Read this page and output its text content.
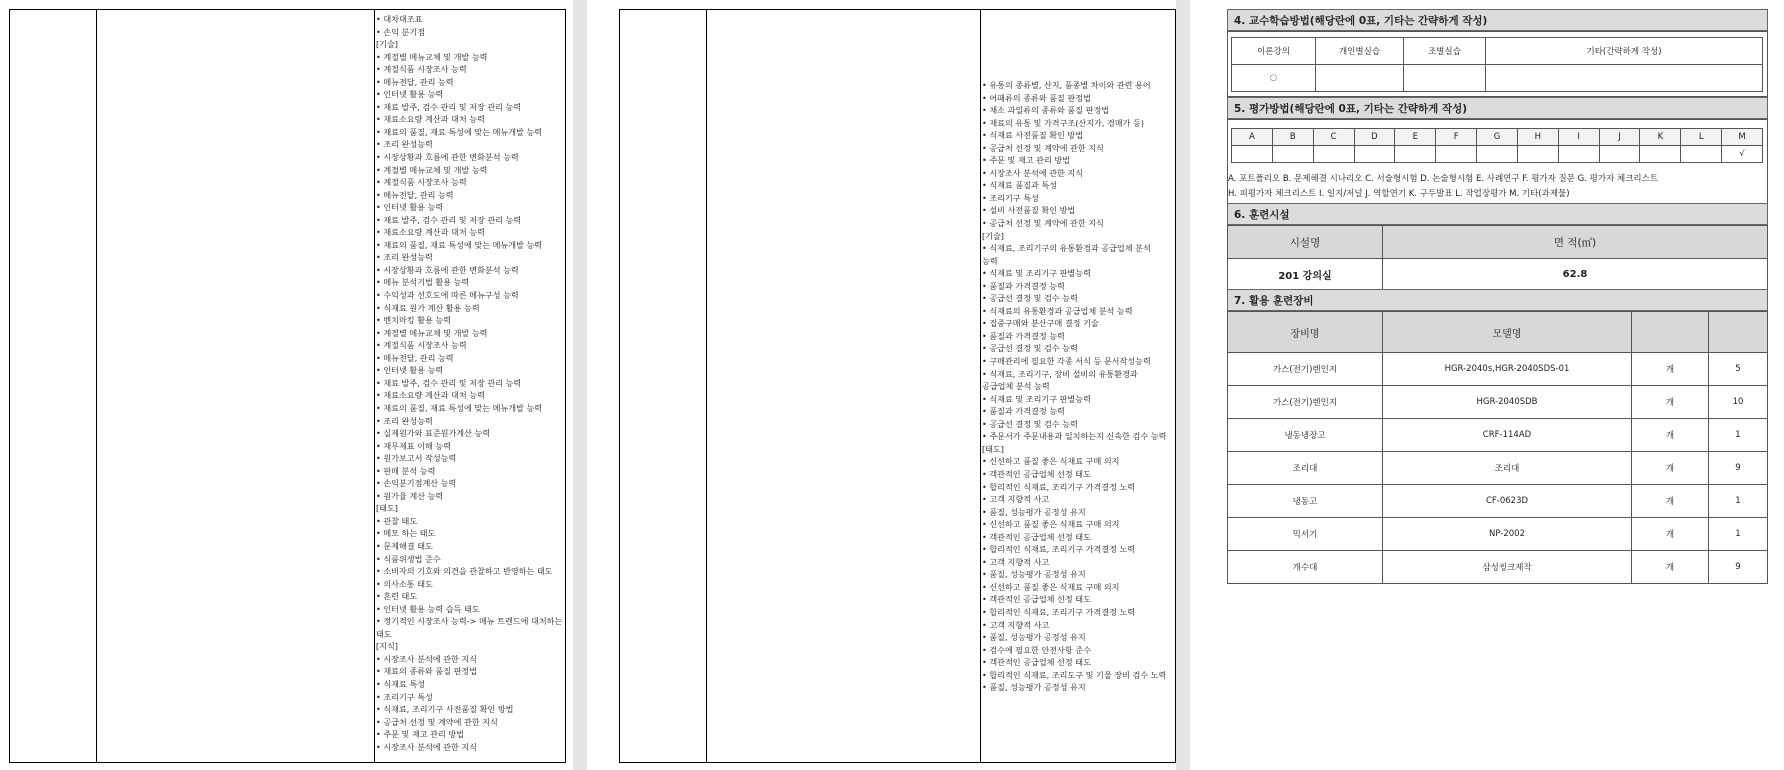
• 대차대조표
• 손익 분기점
[기술]
• 계절별 메뉴교체 및 개발 능력
• 계절식품 시장조사 능력
• 메뉴전달, 관리 능력
• 인터넷 활용 능력
• 재료 발주, 검수 관리 및 저장 관리 능력
• 재료소요량 계산과 대처 능력
• 재료의 품질, 재료 특성에 맞는 메뉴개발 능력
• 조리 완성능력
• 시장상황과 흐름에 관한 변화분석 능력
• 계절별 메뉴교체 및 개발 능력
• 계절식품 시장조사 능력
• 메뉴전달, 관리 능력
• 인터넷 활용 능력
• 재료 발주, 검수 관리 및 저장 관리 능력
• 재료소요량 계산과 대처 능력
• 재료의 품질, 재료 특성에 맞는 메뉴개발 능력
• 조리 완성능력
• 시장상황과 흐름에 관한 변화분석 능력
• 메뉴 분석기법 활용 능력
• 수익성과 선호도에 따른 메뉴구성 능력
• 식재료 원가 계산 활용 능력
• 벤치마킹 활용 능력
• 계절별 메뉴교체 및 개발 능력
• 계절식품 시장조사 능력
• 메뉴전달, 관리 능력
• 인터넷 활용 능력
• 재료 발주, 검수 관리 및 저장 관리 능력
• 재료소요량 계산과 대처 능력
• 재료의 품질, 재료 특성에 맞는 메뉴개발 능력
• 조리 완성능력
• 실제원가와 표준원가계산 능력
• 재무제표 이해 능력
• 원가보고서 작성능력
• 판매 분석 능력
• 손익분기점계산 능력
• 원가율 계산 능력
[태도]
• 관찰 태도
• 메모 하는 태도
• 문제해결 태도
• 식품위생법 준수
• 소비자의 기호와 의견을 관찰하고 반영하는 태도
• 의사소통 태도
• 혼련 태도
• 인터넷 활용 능력 습득 태도
• 정기적인 시장조사 능력-> 메뉴 트렌드에 대처하는
태도
[지식]
• 시장조사 분석에 관한 지식
• 재료의 종류와 품질 판정법
• 식재료 특성
• 조리기구 특성
• 식재료, 조리기구 사전품질 확인 방법
• 공급처 선정 및 계약에 관한 지식
• 주문 및 재고 관리 방법
• 시장조사 분석에 관한 지식
• 유통의 종류별, 산지, 품종별 차이와 관련 용어
• 어패류의 종류와 품질 판정법
• 채소 과일류의 종류와 품질 판정법
• 재료의 유통 및 가격구조(산지가, 경매가 등)
• 식재료 사전품질 확인 방법
• 공급처 선정 및 계약에 관한 지식
• 주문 및 재고 관리 방법
• 시장조사 분석에 관한 지식
• 식재료 품질과 특성
• 조리기구 특성
• 설비 사전품질 확인 방법
• 공급처 선정 및 계약에 관한 지식
[기술]
• 식재료, 조리기구의 유통환경과 공급업체 분석
능력
• 식재료 및 조리기구 판별능력
• 품질과 가격결정 능력
• 공급선 결정 및 검수 능력
• 식재료의 유통환경과 공급업체 분석 능력
• 집중구매와 분산구매 결정 기술
• 품질과 가격결정 능력
• 공급선 결정 및 검수 능력
• 구매관리에 필요한 각종 서식 등 문서작성능력
• 식재료, 조리기구, 장비 설비의 유통환경과
공급업체 분석 능력
• 식재료 및 조리기구 판별능력
• 품질과 가격결정 능력
• 공급선 결정 및 검수 능력
• 주문서가 주문내용과 일치하는지 신속한 검수 능력
[태도]
• 신선하고 품질 좋은 식재료 구매 의지
• 객관적인 공급업체 선정 태도
• 합리적인 식재료, 조리기구 가격결정 노력
• 고객 지향적 사고
• 품질, 성능평가 공정성 유지
• 신선하고 품질 좋은 식재료 구매 의지
• 객관적인 공급업체 선정 태도
• 합리적인 식재료, 조리기구 가격결정 노력
• 고객 지향적 사고
• 품질, 성능평가 공정성 유지
• 신선하고 품질 좋은 식재료 구매 의지
• 객관적인 공급업체 선정 태도
• 합리적인 식재료, 조리기구 가격결정 노력
• 고객 지향적 사고
• 품질, 성능평가 공정성 유지
• 검수에 필요한 안전사항 준수
• 객관적인 공급업체 선정 태도
• 합리적인 식재료, 조리도구 및 기물 장비 검수 노력
• 품질, 성능평가 공정성 유지
4. 교수학습방법(해당란에 0표, 기타는 간략하게 작성)
이론강의	개인별실습	조별실습	기타(간략하게 작성)
○			
5. 평가방법(해당란에 0표, 기타는 간략하게 작성)
A	B	C	D	E	F	G	H	I	J	K	L	M
												√
A. 포트폴리오 B. 문제해결 시나리오 C. 서술형시험 D. 논술형시험 E. 사례연구 F. 평가자 질문 G. 평가자 체크리스트
H. 피평가자 체크리스트 I. 일지/저널 J. 역할연기 K. 구두발표 L. 작업장평가 M. 기타(과제물)
6. 훈련시설
시설명	면 적(㎡)
201 강의실	62.8
7. 활용 훈련장비
장비명	모델명		
가스(전기)렌인지	HGR-2040s,HGR-2040SDS-01	개	5
가스(전기)렌인지	HGR-2040SDB	개	10
냉동냉장고	CRF-114AD	개	1
조리대	조리대	개	9
냉동고	CF-0623D	개	1
믹서기	NP-2002	개	1
개수대	삼성씽크제작	개	9
